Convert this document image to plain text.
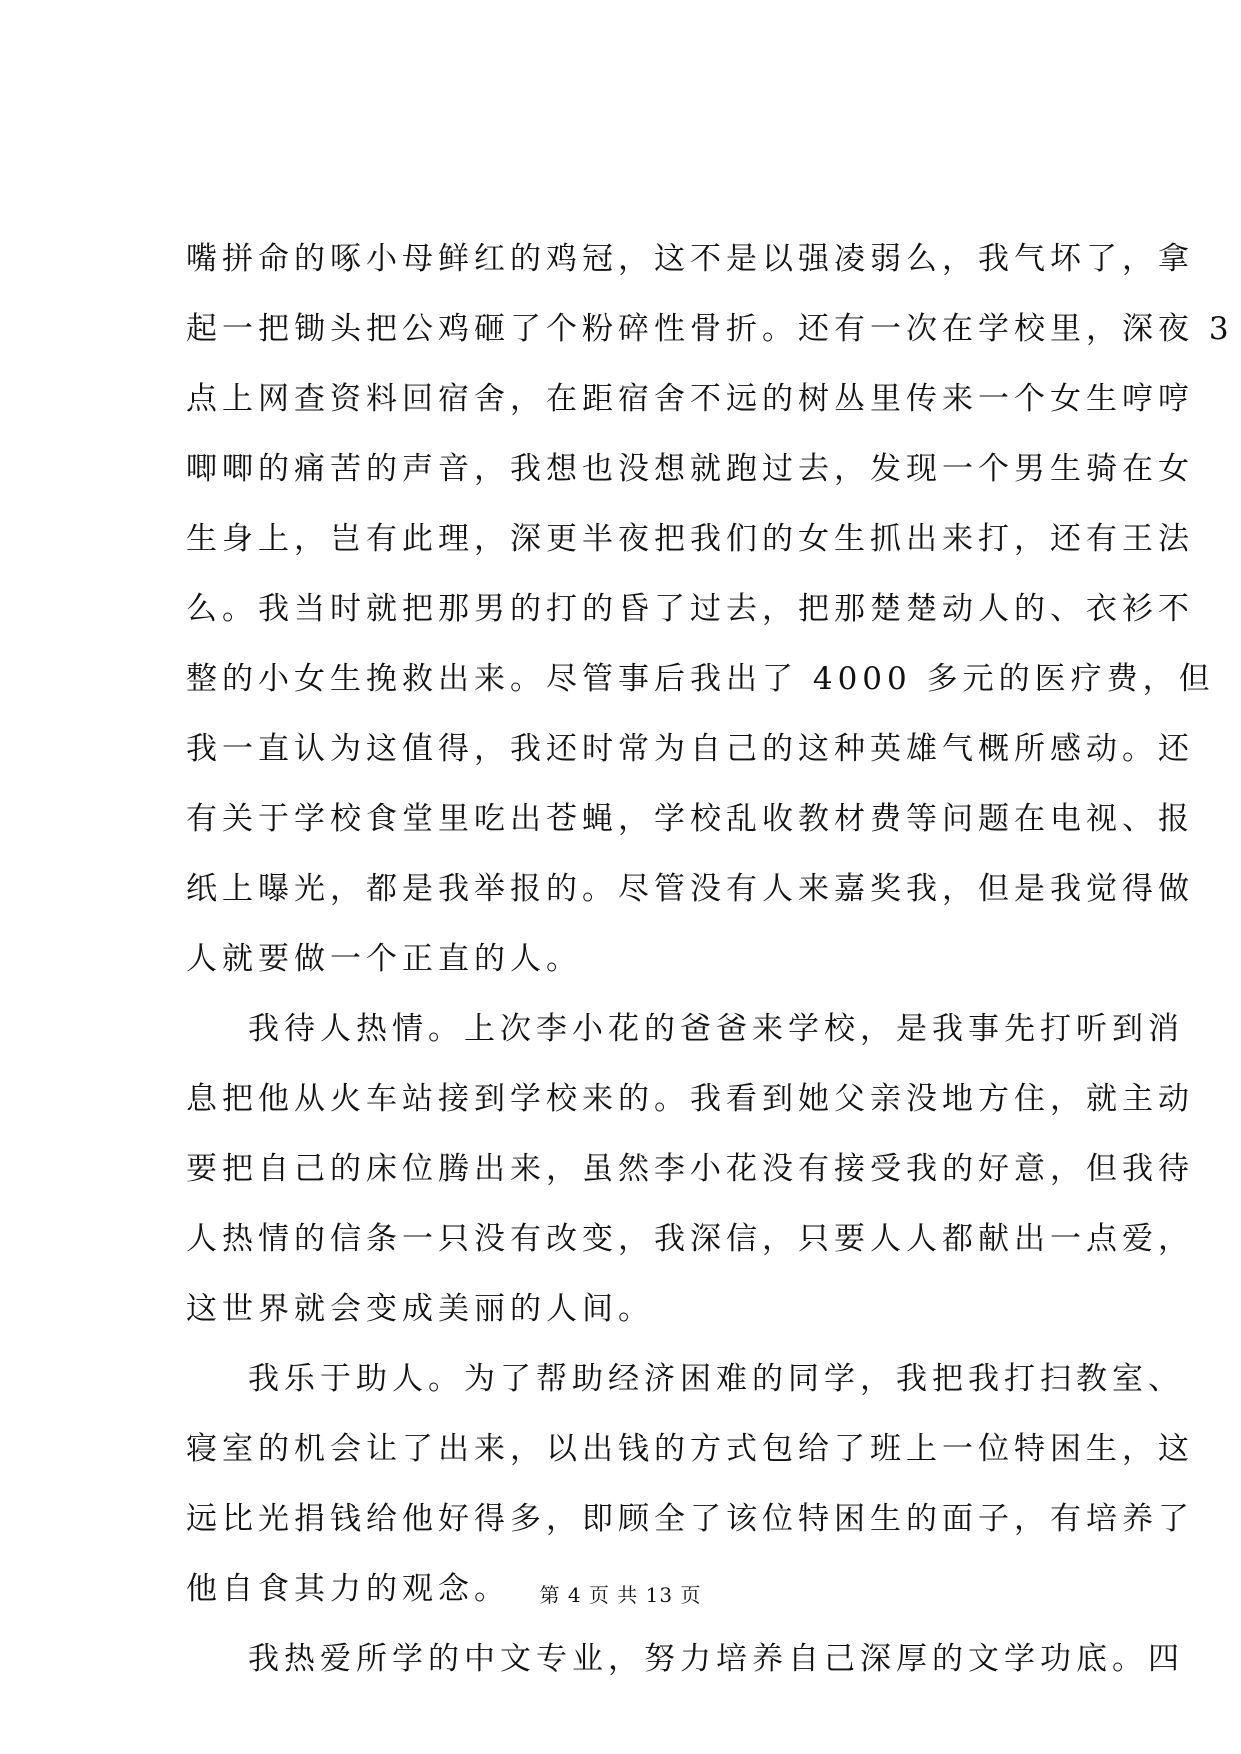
嘴拼命的啄小母鲜红的鸡冠，这不是以强凌弱么，我气坏了，拿
起一把锄头把公鸡砸了个粉碎性骨折。还有一次在学校里，深夜 3
点上网查资料回宿舍，在距宿舍不远的树丛里传来一个女生哼哼
唧唧的痛苦的声音，我想也没想就跑过去，发现一个男生骑在女
生身上，岂有此理，深更半夜把我们的女生抓出来打，还有王法
么。我当时就把那男的打的昏了过去，把那楚楚动人的、衣衫不
整的小女生挽救出来。尽管事后我出了 4000 多元的医疗费，但
我一直认为这值得，我还时常为自己的这种英雄气概所感动。还
有关于学校食堂里吃出苍蝇，学校乱收教材费等问题在电视、报
纸上曝光，都是我举报的。尽管没有人来嘉奖我，但是我觉得做
人就要做一个正直的人。
我待人热情。上次李小花的爸爸来学校，是我事先打听到消
息把他从火车站接到学校来的。我看到她父亲没地方住，就主动
要把自己的床位腾出来，虽然李小花没有接受我的好意，但我待
人热情的信条一只没有改变，我深信，只要人人都献出一点爱，
这世界就会变成美丽的人间。
我乐于助人。为了帮助经济困难的同学，我把我打扫教室、
寝室的机会让了出来，以出钱的方式包给了班上一位特困生，这
远比光捐钱给他好得多，即顾全了该位特困生的面子，有培养了
他自食其力的观念。
我热爱所学的中文专业，努力培养自己深厚的文学功底。四
第 4 页 共 13 页
